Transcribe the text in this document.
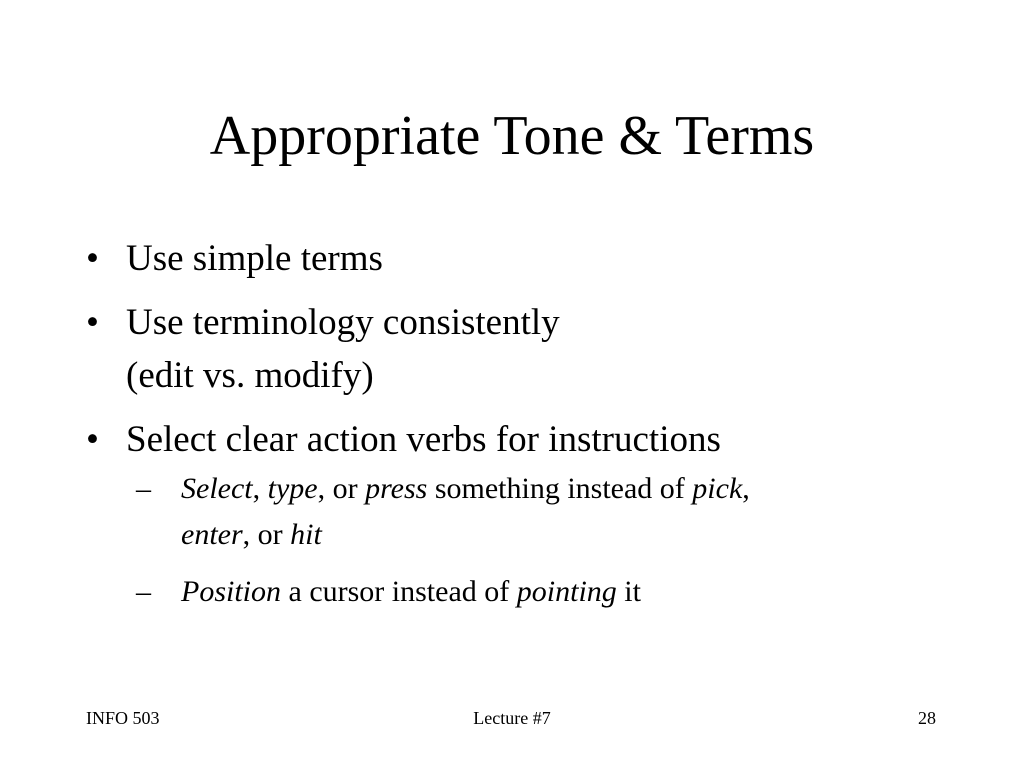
Appropriate Tone & Terms
• Use simple terms
• Use terminology consistently
(edit vs. modify)
• Select clear action verbs for instructions
– Select, type, or press something instead of pick,
enter, or hit
– Position a cursor instead of pointing it
INFO 503	Lecture #7	28
